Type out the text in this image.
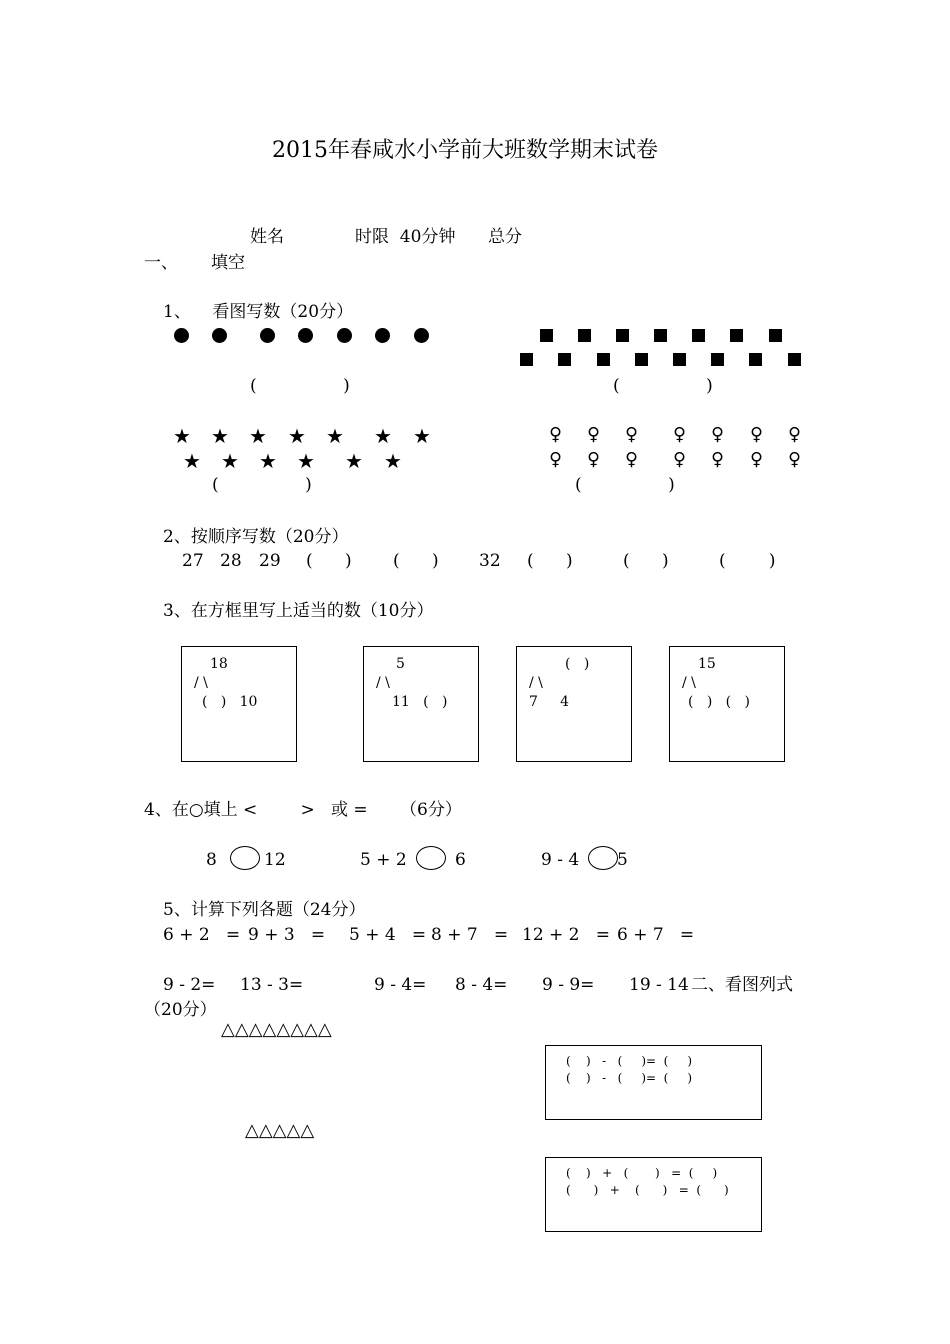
2015年春咸水小学前大班数学期末试卷
姓名	时限  40分钟 总分
一、 填空
1、    看图写数（20分）
(                )	(                )
★ ★ ★ ★ ★ ★ ★
★ ★ ★ ★ ★ ★
(                )
♀ ♀ ♀ ♀ ♀ ♀ ♀
♀ ♀ ♀ ♀ ♀ ♀ ♀
(                )
2、按顺序写数（20分）
27 28 29 (      ) (      ) 32 (      )	(      )	(        )
3、在方框里写上适当的数（10分）
18
/ \
(   )   10
5
/ \
11   (   )
(   )
/ \
7     4
15
/ \
(   )   (   )
4、在○填上 <        >   或 =      （6分）
8	12	5 + 2	6	9 - 4 5
5、计算下列各题（24分）
6 + 2   = 9 + 3   = 5 + 4   = 8 + 7   = 12 + 2   = 6 + 7   =
9 - 2= 13 - 3=	9 - 4= 8 - 4= 9 - 9= 19 - 14 二、看图列式
（20分）
△△△△△△△△
(    )   -   (     )=  (     )
(    )   -   (     )=  (     )
△△△△△
(    )   +   (       )   =  (     )
(      )   +    (      )   =  (      )
